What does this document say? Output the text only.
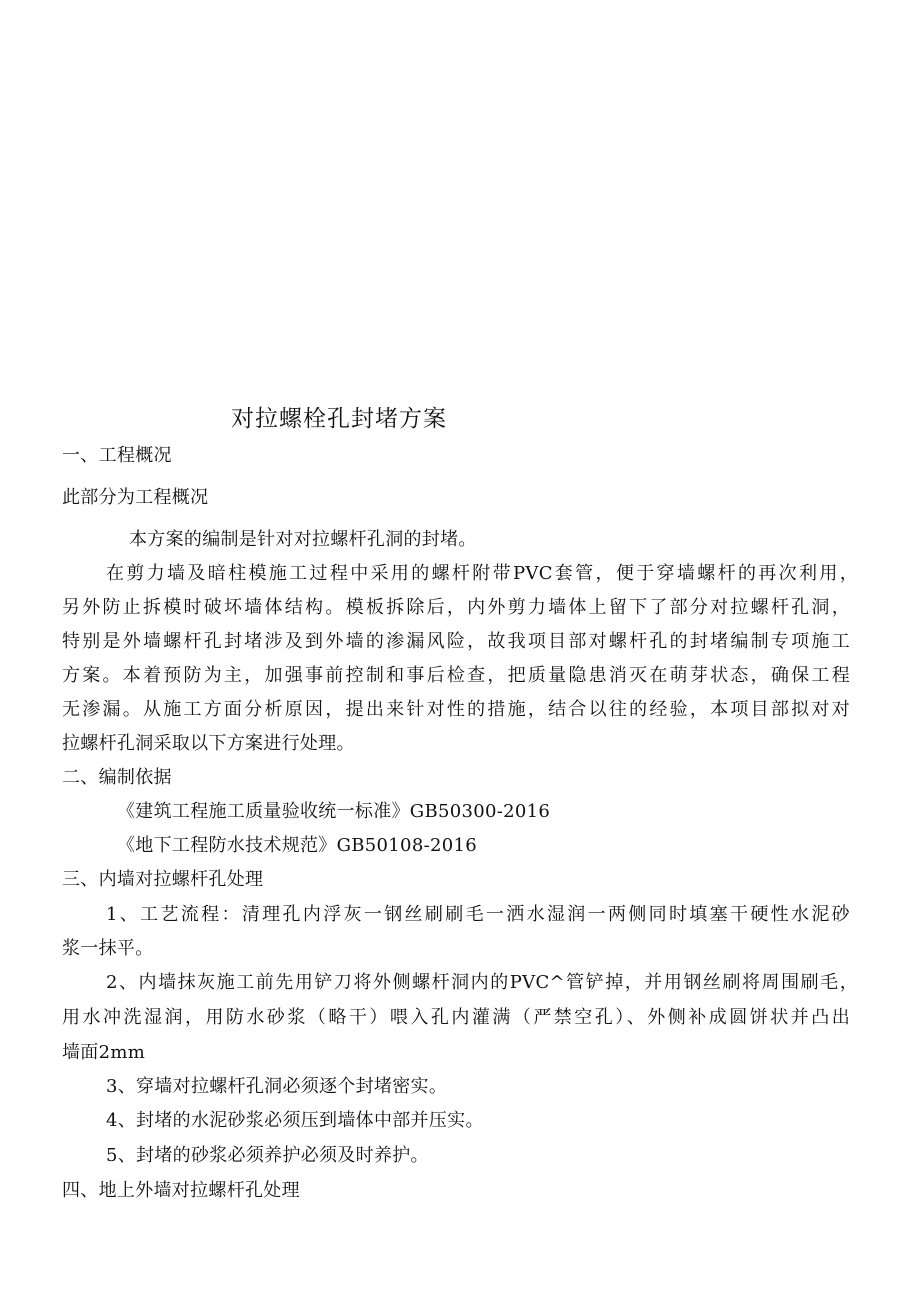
对拉螺栓孔封堵方案
一、工程概况
此部分为工程概况
本方案的编制是针对对拉螺杆孔洞的封堵。
在剪力墙及暗柱模施工过程中采用的螺杆附带PVC套管，便于穿墙螺杆的再次利用，
另外防止拆模时破坏墙体结构。模板拆除后，内外剪力墙体上留下了部分对拉螺杆孔洞，
特别是外墙螺杆孔封堵涉及到外墙的渗漏风险，故我项目部对螺杆孔的封堵编制专项施工
方案。本着预防为主，加强事前控制和事后检查，把质量隐患消灭在萌芽状态，确保工程
无渗漏。从施工方面分析原因，提出来针对性的措施，结合以往的经验，本项目部拟对对
拉螺杆孔洞采取以下方案进行处理。
二、编制依据
《建筑工程施工质量验收统一标准》GB50300-2016
《地下工程防水技术规范》GB50108-2016
三、内墙对拉螺杆孔处理
1、工艺流程：清理孔内浮灰一钢丝刷刷毛一洒水湿润一两侧同时填塞干硬性水泥砂
浆一抹平。
2、内墙抹灰施工前先用铲刀将外侧螺杆洞内的PVC^管铲掉，并用钢丝刷将周围刷毛，
用水冲洗湿润，用防水砂浆（略干）喂入孔内灌满（严禁空孔）、外侧补成圆饼状并凸出
墙面2mm
3、穿墙对拉螺杆孔洞必须逐个封堵密实。
4、封堵的水泥砂浆必须压到墙体中部并压实。
5、封堵的砂浆必须养护必须及时养护。
四、地上外墙对拉螺杆孔处理
